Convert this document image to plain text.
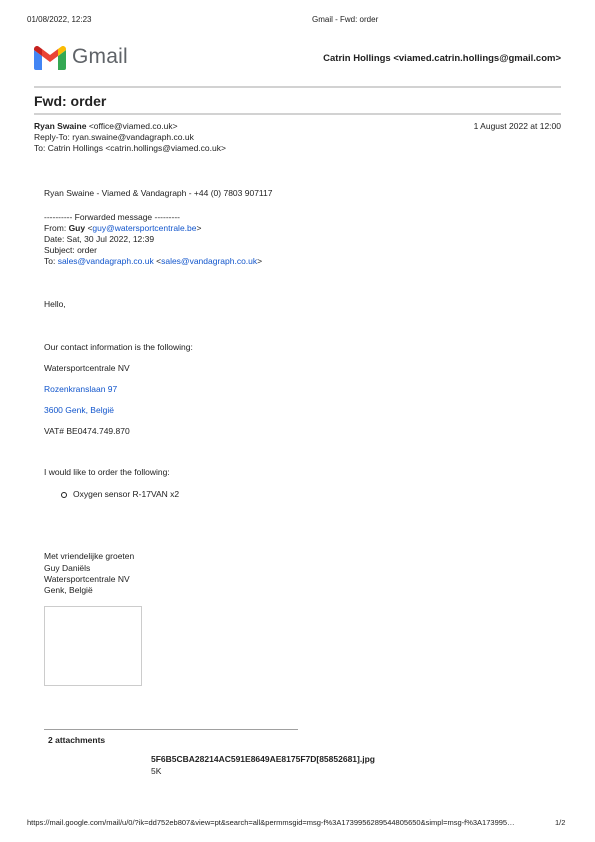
01/08/2022, 12:23	Gmail - Fwd: order
Gmail	Catrin Hollings <viamed.catrin.hollings@gmail.com>
Fwd: order
Ryan Swaine <office@viamed.co.uk>	1 August 2022 at 12:00
Reply-To: ryan.swaine@vandagraph.co.uk
To: Catrin Hollings <catrin.hollings@viamed.co.uk>
Ryan Swaine - Viamed & Vandagraph - +44 (0) 7803 907117
---------- Forwarded message ---------
From: Guy <guy@watersportcentrale.be>
Date: Sat, 30 Jul 2022, 12:39
Subject: order
To: sales@vandagraph.co.uk <sales@vandagraph.co.uk>
Hello,
Our contact information is the following:
Watersportcentrale NV
Rozenkranslaan 97
3600 Genk, België
VAT# BE0474.749.870
I would like to order the following:
Oxygen sensor R-17VAN x2
Met vriendelijke groeten
Guy Daniëls
Watersportcentrale NV
Genk, België
2 attachments
5F6B5CBA28214AC591E8649AE8175F7D[85852681].jpg
5K
https://mail.google.com/mail/u/0/?ik=dd752eb807&view=pt&search=all&permmsgid=msg-f%3A1739956289544805650&simpl=msg-f%3A173995…	1/2
